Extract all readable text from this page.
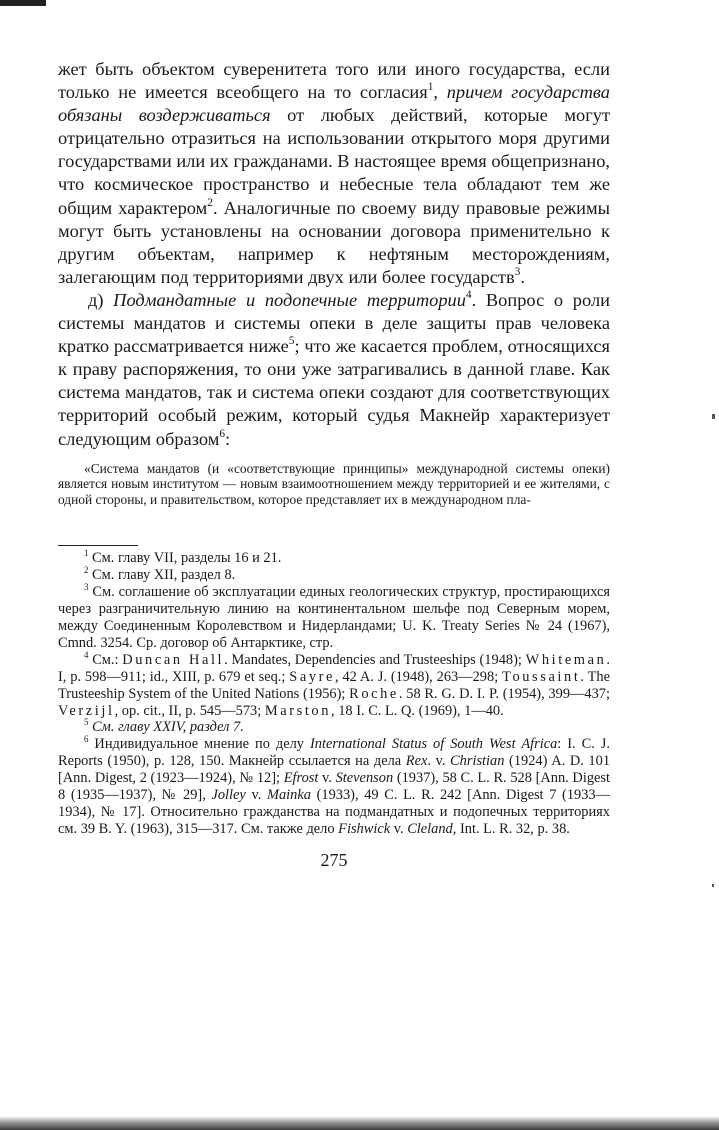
жет быть объектом суверенитета того или иного государства, если только не имеется всеобщего на то согласия$^1$, причем государства обязаны воздерживаться от любых действий, которые могут отрицательно отразиться на использовании открытого моря другими государствами или их гражданами. В настоящее время общепризнано, что космическое пространство и небесные тела обладают тем же общим характером$^2$. Аналогичные по своему виду правовые режимы могут быть установлены на основании договора применительно к другим объектам, например к нефтяным месторождениям, залегающим под территориями двух или более государств$^3$.

д) Подмандатные и подопечные территории$^4$. Вопрос о роли системы мандатов и системы опеки в деле защиты прав человека кратко рассматривается ниже$^5$; что же касается проблем, относящихся к праву распоряжения, то они уже затрагивались в данной главе. Как система мандатов, так и система опеки создают для соответствующих территорий особый режим, который судья Макнейр характеризует следующим образом$^6$:

«Система мандатов (и «соответствующие принципы» международной системы опеки) является новым институтом — новым взаимоотношением между территорией и ее жителями, с одной стороны, и правительством, которое представляет их в международном пла-

$^1$ См. главу VII, разделы 16 и 21.

$^2$ См. главу XII, раздел 8.

$^3$ См. соглашение об эксплуатации единых геологических структур, простирающихся через разграничительную линию на континентальном шельфе под Северным морем, между Соединенным Королевством и Нидерландами; U. K. Treaty Series № 24 (1967), Cmnd. 3254. Ср. договор об Антарктике, стр.

$^4$ См.: Duncan Hall. Mandates, Dependencies and Trusteeships (1948); Whiteman. I, p. 598—911; id., XIII, p. 679 et seq.; Sayre, 42 A. J. (1948), 263—298; Toussaint. The Trusteeship System of the United Nations (1956); Roche. 58 R. G. D. I. P. (1954), 399—437; Verzijl, op. cit., II, p. 545—573; Marston, 18 I. C. L. Q. (1969), 1—40.

$^5$ См. главу XXIV, раздел 7.

$^6$ Индивидуальное мнение по делу International Status of South West Africa: I. C. J. Reports (1950), p. 128, 150. Макнейр ссылается на дела Rex. v. Christian (1924) A. D. 101 [Ann. Digest, 2 (1923—1924), № 12]; Efrost v. Stevenson (1937), 58 C. L. R. 528 [Ann. Digest 8 (1935—1937), № 29], Jolley v. Mainka (1933), 49 C. L. R. 242 [Ann. Digest 7 (1933—1934), № 17]. Относительно гражданства на подмандатных и подопечных территориях см. 39 B. Y. (1963), 315—317. См. также дело Fishwick v. Cleland, Int. L. R. 32, p. 38.

275
